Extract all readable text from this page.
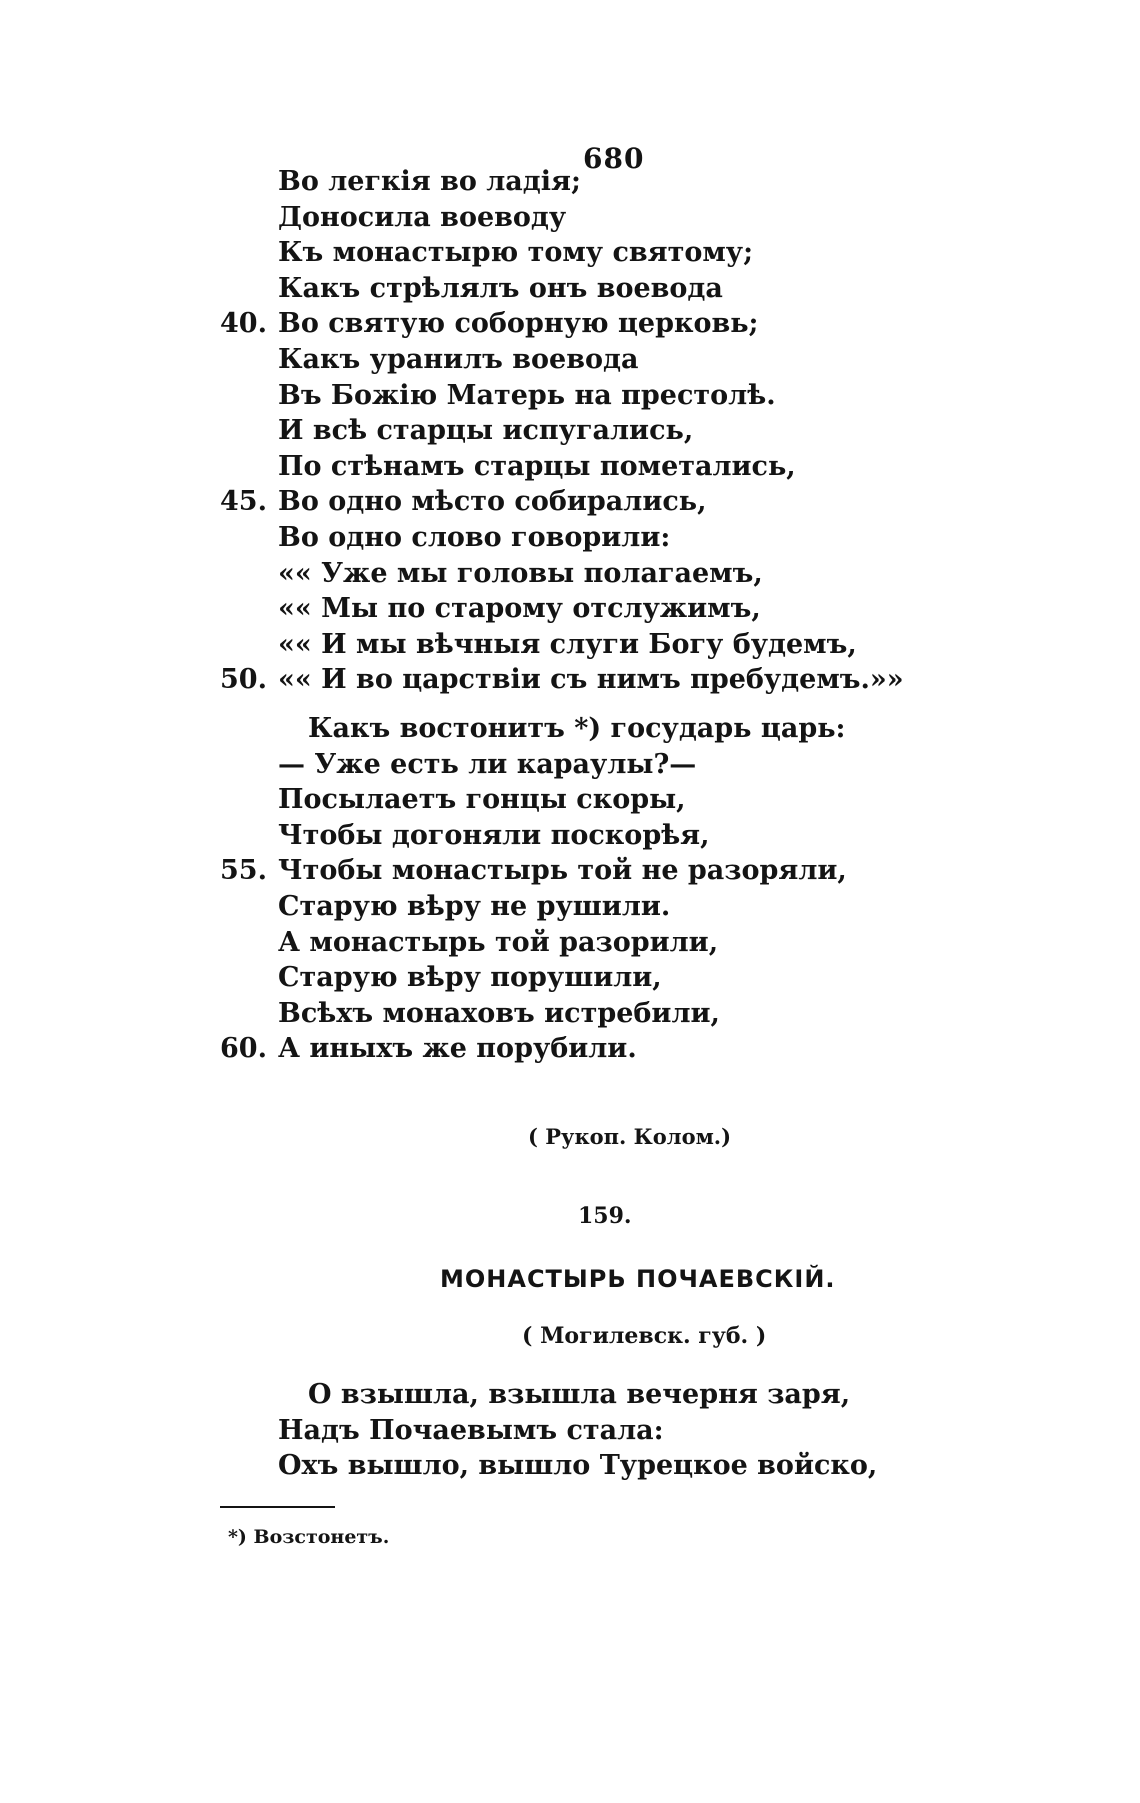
680
Во легкія во ладія;
Доносила воеводу
Къ монастырю тому святому;
Какъ стрѣлялъ онъ воевода
40. Во святую соборную церковь;
Какъ уранилъ воевода
Въ Божію Матерь на престолѣ.
И всѣ старцы испугались,
По стѣнамъ старцы пометались,
45. Во одно мѣсто собирались,
Во одно слово говорили:
«« Уже мы головы полагаемъ,
«« Мы по старому отслужимъ,
«« И мы вѣчныя слуги Богу будемъ,
50. «« И во царствіи съ нимъ пребудемъ.»»
Какъ востонитъ *) государь царь:
— Уже есть ли караулы?—
Посылаетъ гонцы скоры,
Чтобы догоняли поскорѣя,
55. Чтобы монастырь той не разоряли,
Старую вѣру не рушили.
А монастырь той разорили,
Старую вѣру порушили,
Всѣхъ монаховъ истребили,
60. А иныхъ же порубили.
( Рукоп. Колом.)
159.
МОНАСТЫРЬ ПОЧАЕВСКІЙ.
( Могилевск. губ. )
О взышла, взышла вечерня заря,
Надъ Почаевымъ стала:
Охъ вышло, вышло Турецкое войско,
*) Возстонетъ.
